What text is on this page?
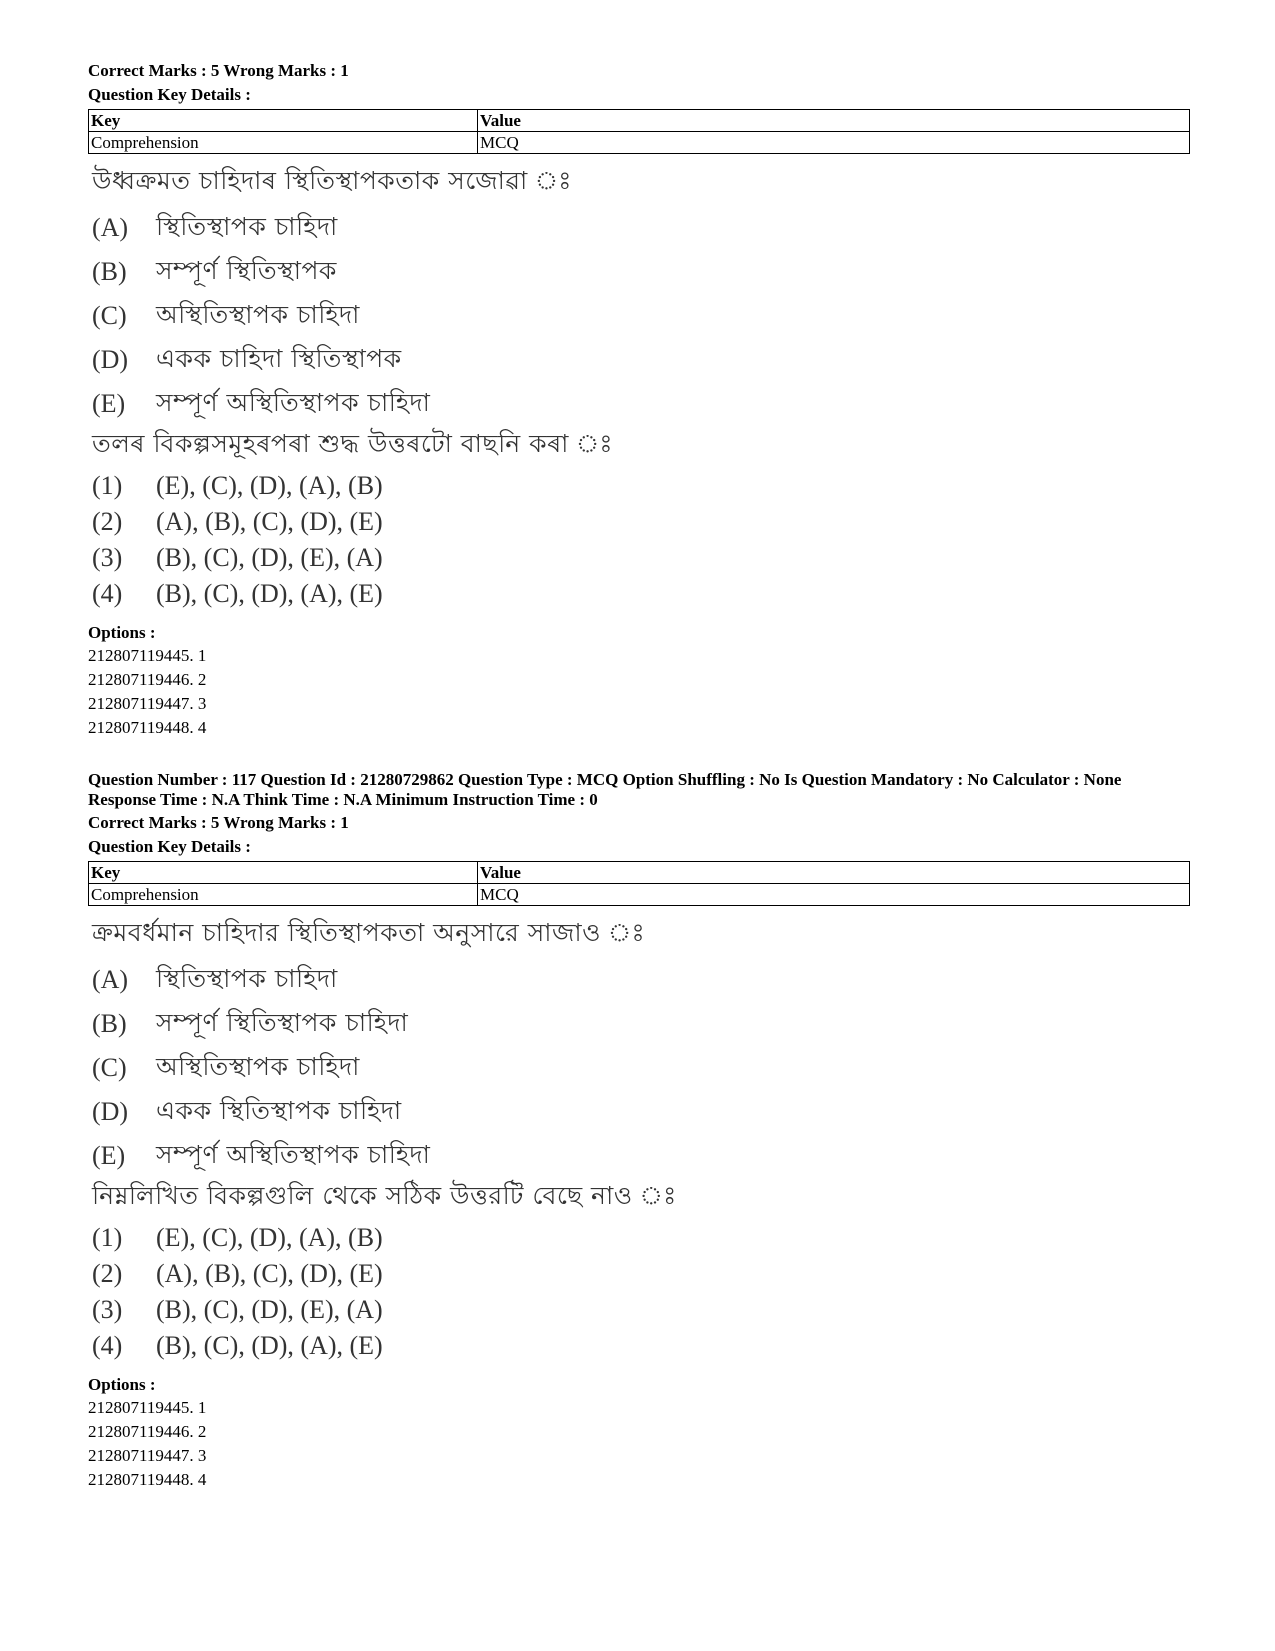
Correct Marks : 5 Wrong Marks : 1
Question Key Details :
Key	Value
Comprehension	MCQ
উধ্বক্ৰমত চাহিদাৰ স্থিতিস্থাপকতাক সজোৱা ঃ
(A)	স্থিতিস্থাপক চাহিদা
(B)	সম্পূৰ্ণ স্থিতিস্থাপক
(C)	অস্থিতিস্থাপক চাহিদা
(D)	একক চাহিদা স্থিতিস্থাপক
(E)	সম্পূৰ্ণ অস্থিতিস্থাপক চাহিদা
তলৰ বিকল্পসমূহৰপৰা শুদ্ধ উত্তৰটো বাছনি কৰা ঃ
(1)	(E), (C), (D), (A), (B)
(2)	(A), (B), (C), (D), (E)
(3)	(B), (C), (D), (E), (A)
(4)	(B), (C), (D), (A), (E)
Options :
212807119445. 1
212807119446. 2
212807119447. 3
212807119448. 4
Question Number : 117 Question Id : 21280729862 Question Type : MCQ Option Shuffling : No Is Question Mandatory : No Calculator : None
Response Time : N.A Think Time : N.A Minimum Instruction Time : 0
Correct Marks : 5 Wrong Marks : 1
Question Key Details :
Key	Value
Comprehension	MCQ
ক্রমবর্ধমান চাহিদার স্থিতিস্থাপকতা অনুসারে সাজাও ঃ
(A)	স্থিতিস্থাপক চাহিদা
(B)	সম্পূর্ণ স্থিতিস্থাপক চাহিদা
(C)	অস্থিতিস্থাপক চাহিদা
(D)	একক স্থিতিস্থাপক চাহিদা
(E)	সম্পূর্ণ অস্থিতিস্থাপক চাহিদা
নিম্নলিখিত বিকল্পগুলি থেকে সঠিক উত্তরটি বেছে নাও ঃ
(1)	(E), (C), (D), (A), (B)
(2)	(A), (B), (C), (D), (E)
(3)	(B), (C), (D), (E), (A)
(4)	(B), (C), (D), (A), (E)
Options :
212807119445. 1
212807119446. 2
212807119447. 3
212807119448. 4
